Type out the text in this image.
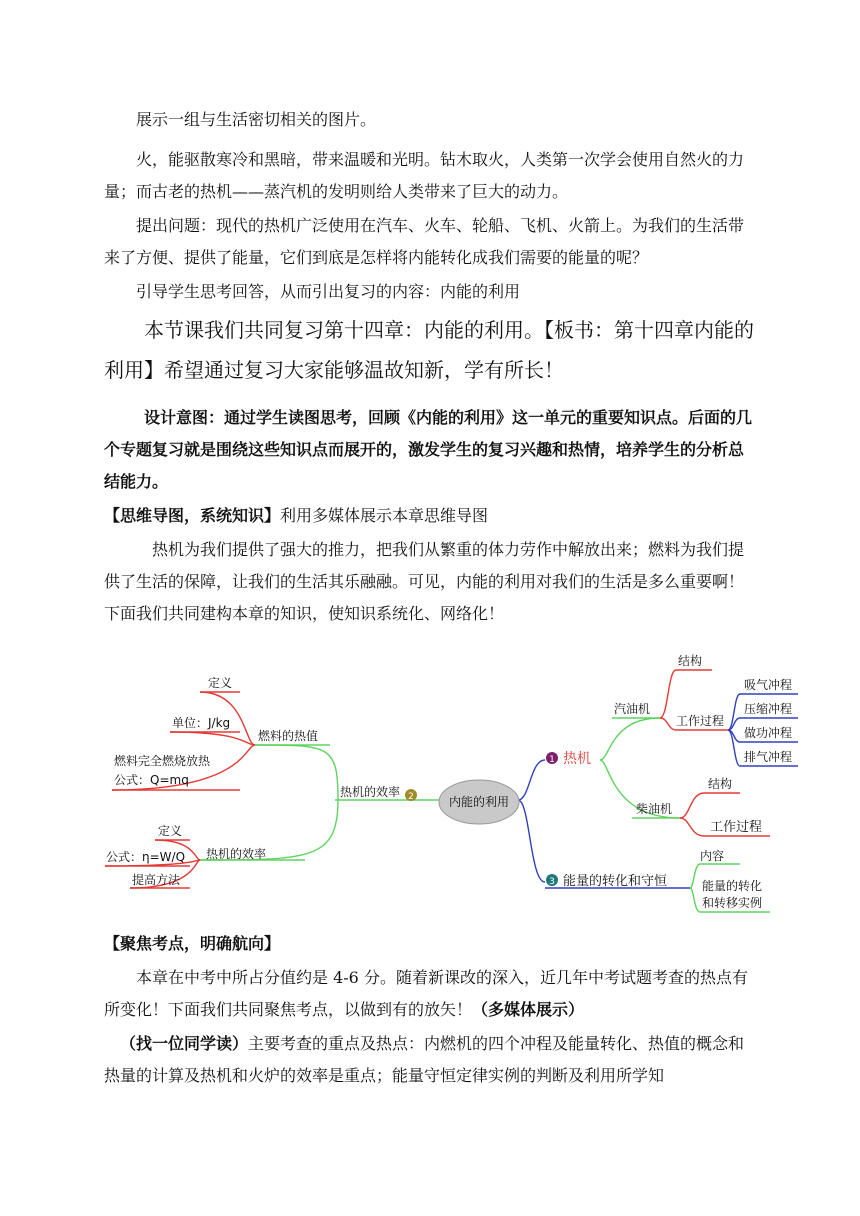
展示一组与生活密切相关的图片。

火，能驱散寒冷和黑暗，带来温暖和光明。钻木取火，人类第一次学会使用自然火的力量；而古老的热机——蒸汽机的发明则给人类带来了巨大的动力。

提出问题：现代的热机广泛使用在汽车、火车、轮船、飞机、火箭上。为我们的生活带来了方便、提供了能量，它们到底是怎样将内能转化成我们需要的能量的呢？

引导学生思考回答，从而引出复习的内容：内能的利用

本节课我们共同复习第十四章：内能的利用。【板书：第十四章内能的利用】希望通过复习大家能够温故知新，学有所长！

设计意图：通过学生读图思考，回顾《内能的利用》这一单元的重要知识点。后面的几个专题复习就是围绕这些知识点而展开的，激发学生的复习兴趣和热情，培养学生的分析总结能力。

【思维导图，系统知识】利用多媒体展示本章思维导图

热机为我们提供了强大的推力，把我们从繁重的体力劳作中解放出来；燃料为我们提供了生活的保障，让我们的生活其乐融融。可见，内能的利用对我们的生活是多么重要啊！下面我们共同建构本章的知识，使知识系统化、网络化！

内能的利用
热机的效率 2
燃料的热值
定义
单位：J/kg
燃料完全燃烧放热
公式：Q=mq
热机的效率
定义
公式：η=W/Q
提高方法
1 热机
汽油机
结构
工作过程
吸气冲程
压缩冲程
做功冲程
排气冲程
柴油机
结构
工作过程
3 能量的转化和守恒
内容
能量的转化
和转移实例

【聚焦考点，明确航向】

本章在中考中所占分值约是 4-6 分。随着新课改的深入，近几年中考试题考查的热点有所变化！下面我们共同聚焦考点，以做到有的放矢！（多媒体展示）

（找一位同学读）主要考查的重点及热点：内燃机的四个冲程及能量转化、热值的概念和热量的计算及热机和火炉的效率是重点；能量守恒定律实例的判断及利用所学知
